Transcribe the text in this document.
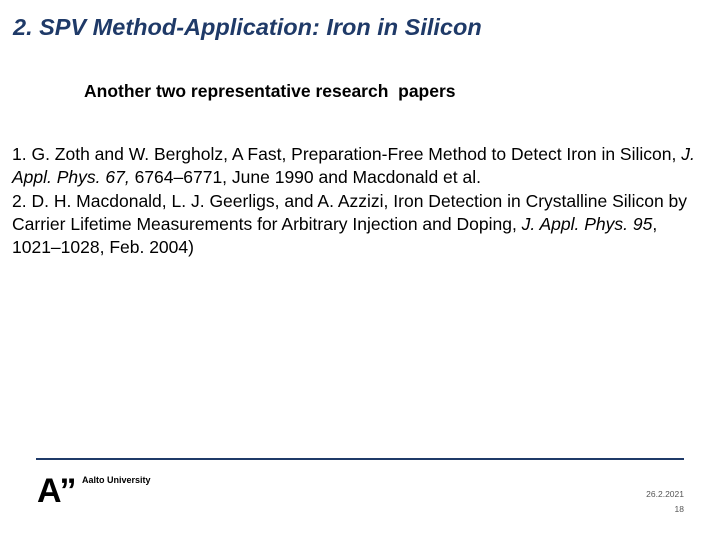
2. SPV Method-Application: Iron in Silicon
Another two representative research  papers

1. G. Zoth and W. Bergholz, A Fast, Preparation-Free Method to Detect Iron in Silicon, J. Appl. Phys. 67, 6764–6771, June 1990 and Macdonald et al.

2. D. H. Macdonald, L. J. Geerligs, and A. Azzizi, Iron Detection in Crystalline Silicon by Carrier Lifetime Measurements for Arbitrary Injection and Doping, J. Appl. Phys. 95, 1021–1028, Feb. 2004)

A” Aalto University
26.2.2021
18
